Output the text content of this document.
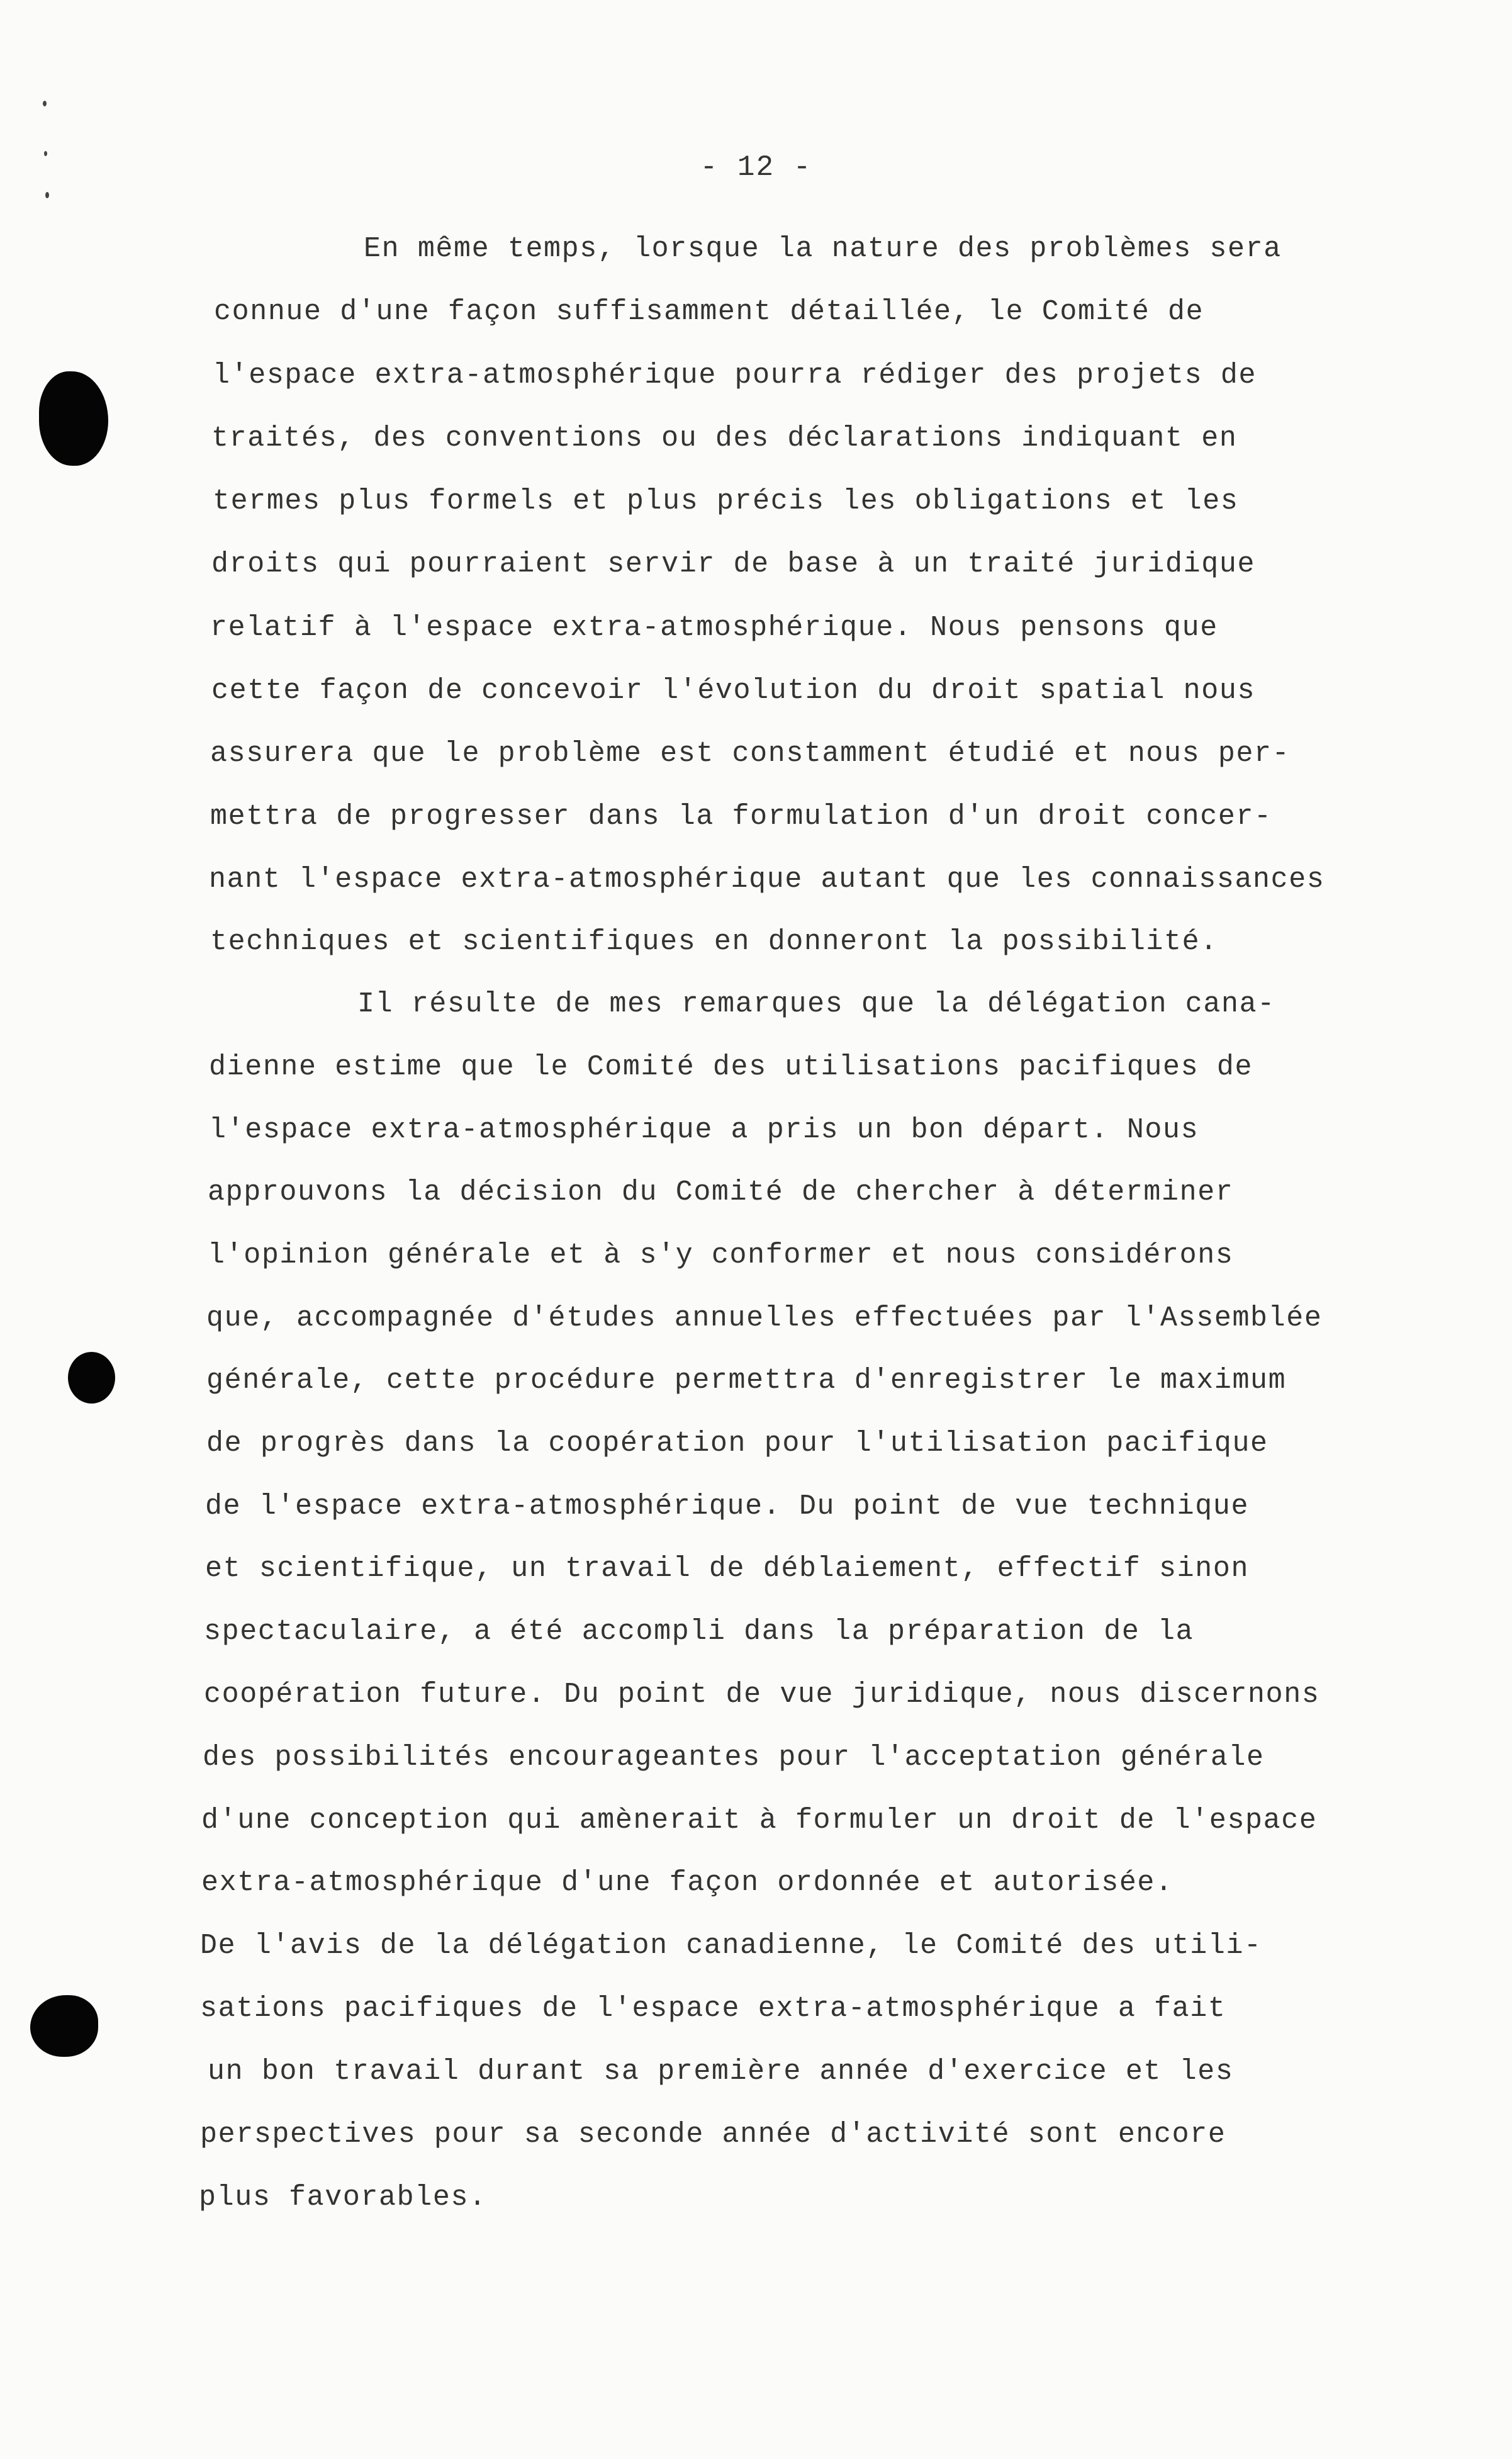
- 12 -
En même temps, lorsque la nature des problèmes sera
connue d'une façon suffisamment détaillée, le Comité de
l'espace extra-atmosphérique pourra rédiger des projets de
traités, des conventions ou des déclarations indiquant en
termes plus formels et plus précis les obligations et les
droits qui pourraient servir de base à un traité juridique
relatif à l'espace extra-atmosphérique. Nous pensons que
cette façon de concevoir l'évolution du droit spatial nous
assurera que le problème est constamment étudié et nous per-
mettra de progresser dans la formulation d'un droit concer-
nant l'espace extra-atmosphérique autant que les connaissances
techniques et scientifiques en donneront la possibilité.
Il résulte de mes remarques que la délégation cana-
dienne estime que le Comité des utilisations pacifiques de
l'espace extra-atmosphérique a pris un bon départ. Nous
approuvons la décision du Comité de chercher à déterminer
l'opinion générale et à s'y conformer et nous considérons
que, accompagnée d'études annuelles effectuées par l'Assemblée
générale, cette procédure permettra d'enregistrer le maximum
de progrès dans la coopération pour l'utilisation pacifique
de l'espace extra-atmosphérique. Du point de vue technique
et scientifique, un travail de déblaiement, effectif sinon
spectaculaire, a été accompli dans la préparation de la
coopération future. Du point de vue juridique, nous discernons
des possibilités encourageantes pour l'acceptation générale
d'une conception qui amènerait à formuler un droit de l'espace
extra-atmosphérique d'une façon ordonnée et autorisée.
De l'avis de la délégation canadienne, le Comité des utili-
sations pacifiques de l'espace extra-atmosphérique a fait
un bon travail durant sa première année d'exercice et les
perspectives pour sa seconde année d'activité sont encore
plus favorables.
